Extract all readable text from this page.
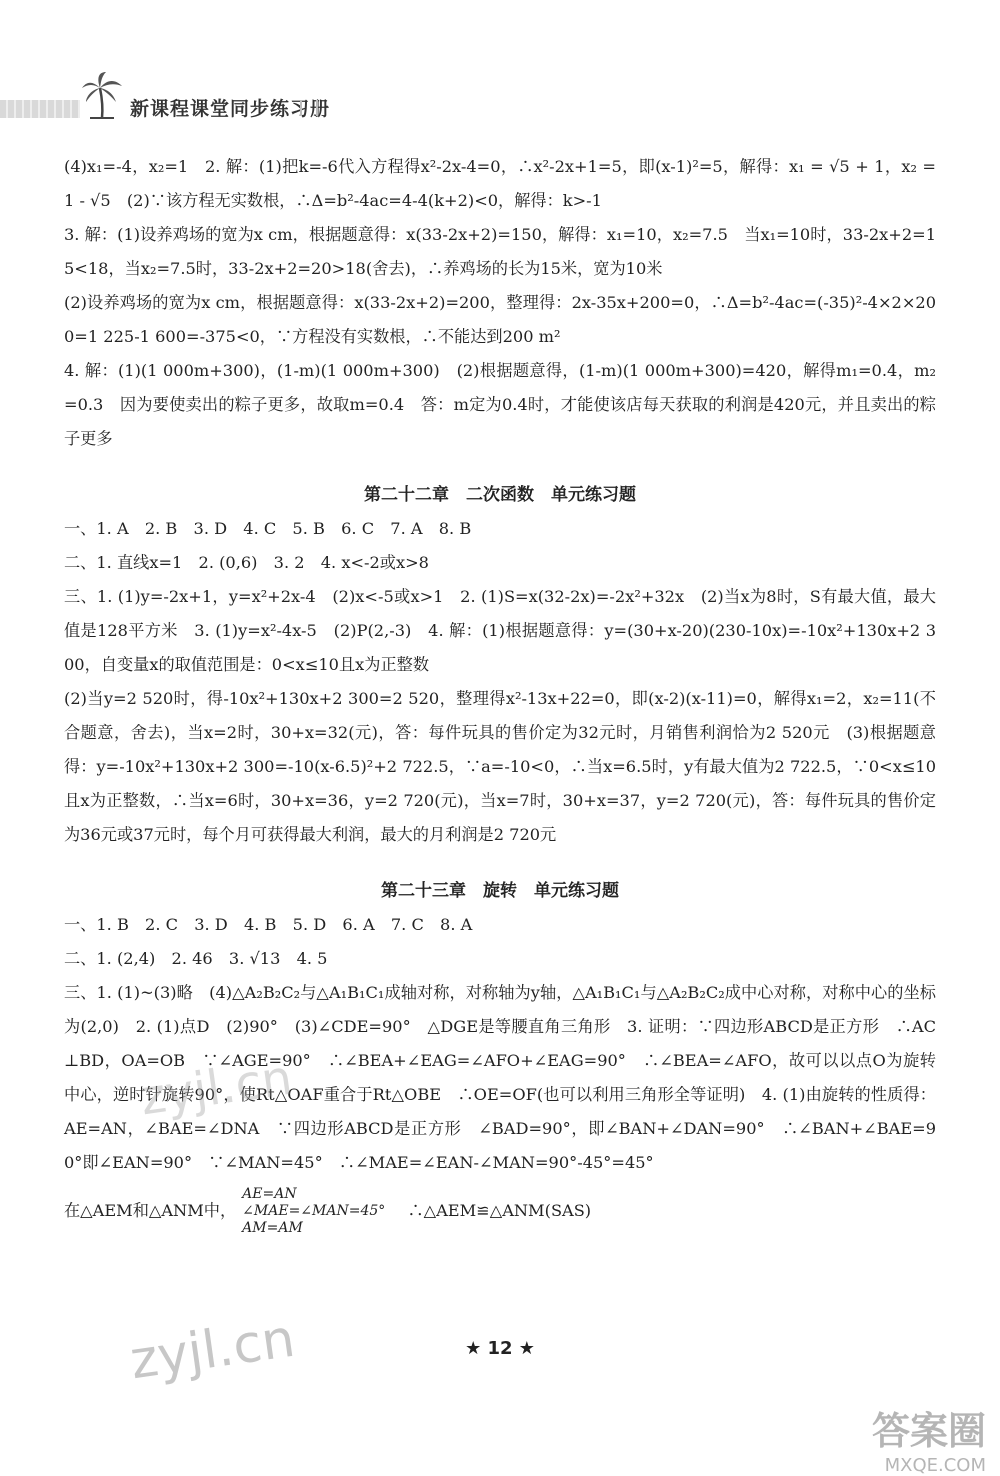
新课程课堂同步练习册

(4)x₁=-4，x₂=1　2. 解：(1)把k=-6代入方程得x²-2x-4=0，∴x²-2x+1=5，即(x-1)²=5，解得：x₁ = √5 + 1，x₂ = 1 - √5　(2)∵该方程无实数根，∴Δ=b²-4ac=4-4(k+2)<0，解得：k>-1

3. 解：(1)设养鸡场的宽为x cm，根据题意得：x(33-2x+2)=150，解得：x₁=10，x₂=7.5　当x₁=10时，33-2x+2=15<18，当x₂=7.5时，33-2x+2=20>18(舍去)，∴养鸡场的长为15米，宽为10米

(2)设养鸡场的宽为x cm，根据题意得：x(33-2x+2)=200，整理得：2x-35x+200=0，∴Δ=b²-4ac=(-35)²-4×2×200=1 225-1 600=-375<0，∵方程没有实数根，∴不能达到200 m²

4. 解：(1)(1 000m+300)，(1-m)(1 000m+300)　(2)根据题意得，(1-m)(1 000m+300)=420，解得m₁=0.4，m₂=0.3　因为要使卖出的粽子更多，故取m=0.4　答：m定为0.4时，才能使该店每天获取的利润是420元，并且卖出的粽子更多

第二十二章　二次函数　单元练习题

一、1. A　2. B　3. D　4. C　5. B　6. C　7. A　8. B

二、1. 直线x=1　2. (0,6)　3. 2　4. x<-2或x>8

三、1. (1)y=-2x+1，y=x²+2x-4　(2)x<-5或x>1　2. (1)S=x(32-2x)=-2x²+32x　(2)当x为8时，S有最大值，最大值是128平方米　3. (1)y=x²-4x-5　(2)P(2,-3)　4. 解：(1)根据题意得：y=(30+x-20)(230-10x)=-10x²+130x+2 300，自变量x的取值范围是：0<x≤10且x为正整数

(2)当y=2 520时，得-10x²+130x+2 300=2 520，整理得x²-13x+22=0，即(x-2)(x-11)=0，解得x₁=2，x₂=11(不合题意，舍去)，当x=2时，30+x=32(元)，答：每件玩具的售价定为32元时，月销售利润恰为2 520元　(3)根据题意得：y=-10x²+130x+2 300=-10(x-6.5)²+2 722.5，∵a=-10<0，∴当x=6.5时，y有最大值为2 722.5，∵0<x≤10且x为正整数，∴当x=6时，30+x=36，y=2 720(元)，当x=7时，30+x=37，y=2 720(元)，答：每件玩具的售价定为36元或37元时，每个月可获得最大利润，最大的月利润是2 720元

第二十三章　旋转　单元练习题

一、1. B　2. C　3. D　4. B　5. D　6. A　7. C　8. A

二、1. (2,4)　2. 46　3. √13　4. 5

三、1. (1)~(3)略　(4)△A₂B₂C₂与△A₁B₁C₁成轴对称，对称轴为y轴，△A₁B₁C₁与△A₂B₂C₂成中心对称，对称中心的坐标为(2,0)　2. (1)点D　(2)90°　(3)∠CDE=90°　△DGE是等腰直角三角形　3. 证明：∵四边形ABCD是正方形　∴AC⊥BD，OA=OB　∵∠AGE=90°　∴∠BEA+∠EAG=∠AFO+∠EAG=90°　∴∠BEA=∠AFO，故可以以点O为旋转中心，逆时针旋转90°，使Rt△OAF重合于Rt△OBE　∴OE=OF(也可以利用三角形全等证明)　4. (1)由旋转的性质得：AE=AN，∠BAE=∠DNA　∵四边形ABCD是正方形　∠BAD=90°，即∠BAN+∠DAN=90°　∴∠BAN+∠BAE=90°即∠EAN=90°　∵∠MAN=45°　∴∠MAE=∠EAN-∠MAN=90°-45°=45°

在△AEM和△ANM中，
AE=AN
∠MAE=∠MAN=45°
AM=AM
　∴△AEM≌△ANM(SAS)

zyjl.cn
★ 12 ★
zyjl.cn
答案圈
MXQE.COM
